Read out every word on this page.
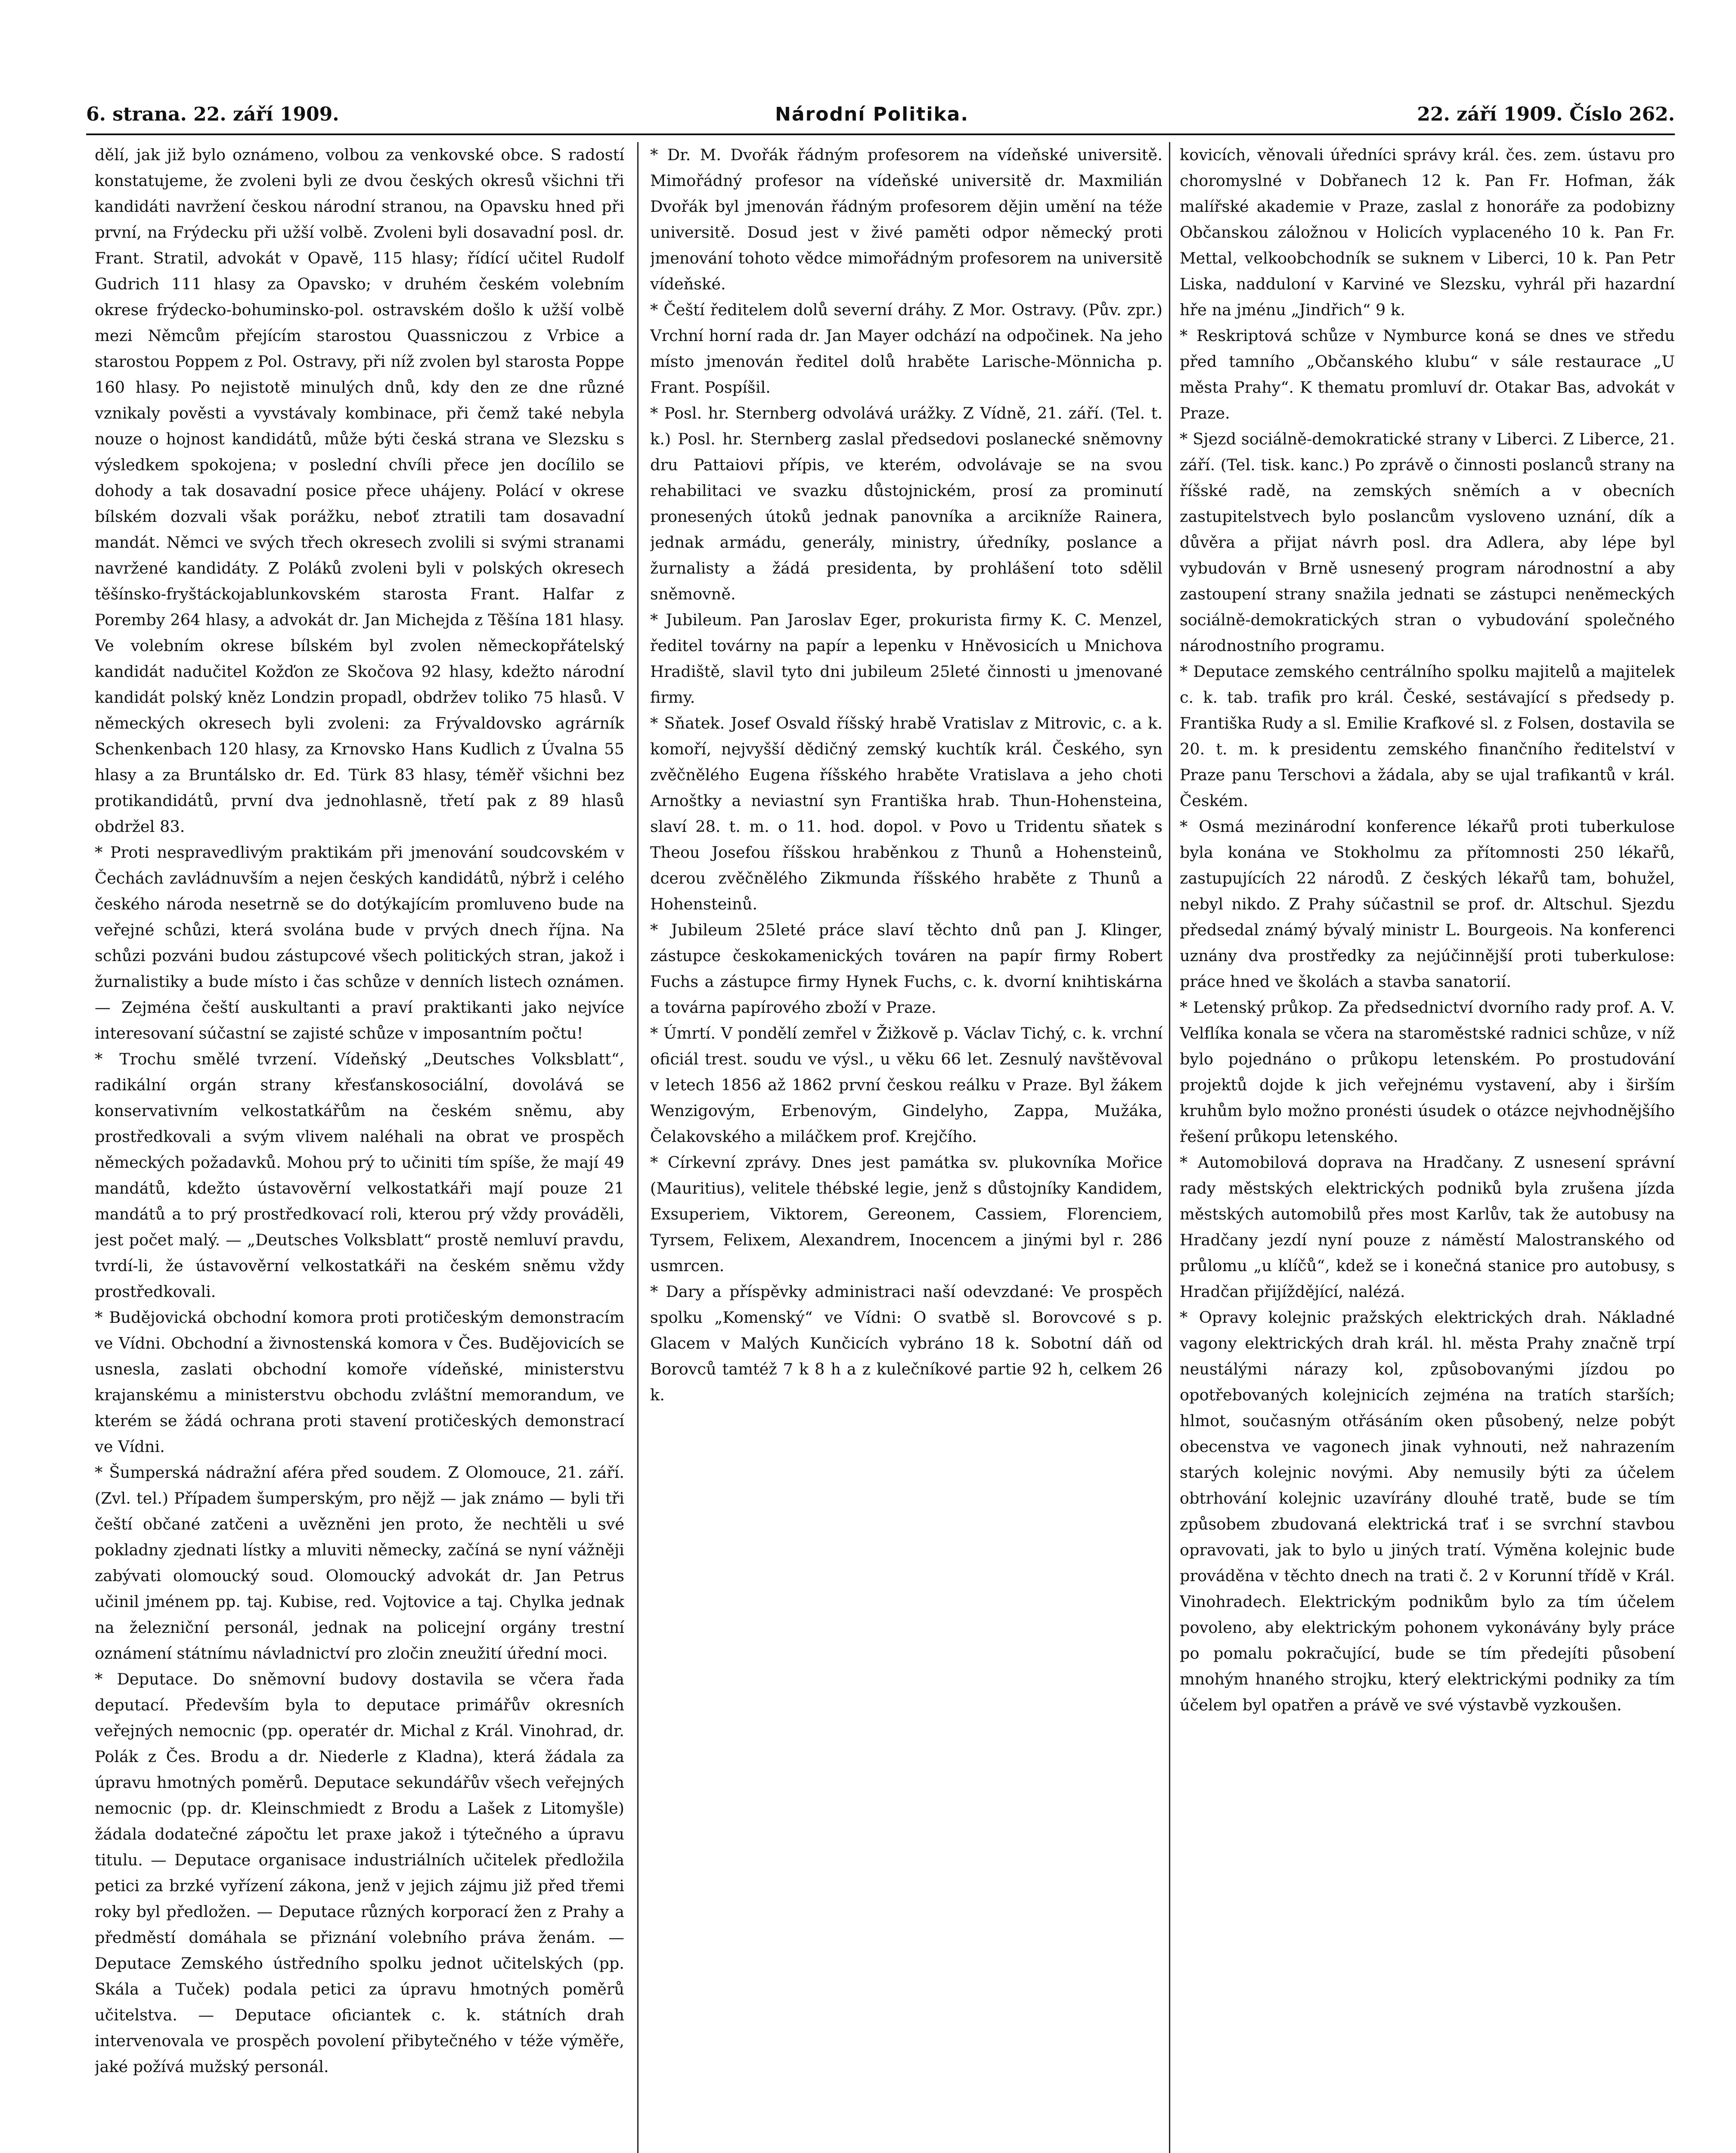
6. strana. 22. září 1909.	Národní Politika.	22. září 1909. Číslo 262.

dělí, jak již bylo oznámeno, volbou za venkovské obce. S radostí konstatujeme, že zvoleni byli ze dvou českých okresů všichni tři kandidáti navržení českou národní stranou, na Opavsku hned při první, na Frýdecku při užší volbě. Zvoleni byli dosavadní posl. dr. Frant. Stratil, advokát v Opavě, 115 hlasy; řídící učitel Rudolf Gudrich 111 hlasy za Opavsko; v druhém českém volebním okrese frýdecko-bohuminsko-pol. ostravském došlo k užší volbě mezi Němcům přejícím starostou Quassniczou z Vrbice a starostou Poppem z Pol. Ostravy, při níž zvolen byl starosta Poppe 160 hlasy. Po nejistotě minulých dnů, kdy den ze dne různé vznikaly pověsti a vyvstávaly kombinace, při čemž také nebyla nouze o hojnost kandidátů, může býti česká strana ve Slezsku s výsledkem spokojena; v poslední chvíli přece jen docílilo se dohody a tak dosavadní posice přece uhájeny. Polácí v okrese bílském dozvali však porážku, neboť ztratili tam dosavadní mandát. Němci ve svých třech okresech zvolili si svými stranami navržené kandidáty. Z Poláků zvoleni byli v polských okresech těšínsko-fryštáckojablunkovském starosta Frant. Halfar z Poremby 264 hlasy, a advokát dr. Jan Michejda z Těšína 181 hlasy. Ve volebním okrese bílském byl zvolen německopřátelský kandidát nadučitel Kožďon ze Skočova 92 hlasy, kdežto národní kandidát polský kněz Londzin propadl, obdržev toliko 75 hlasů. V německých okresech byli zvoleni: za Frývaldovsko agrárník Schenkenbach 120 hlasy, za Krnovsko Hans Kudlich z Úvalna 55 hlasy a za Bruntálsko dr. Ed. Türk 83 hlasy, téměř všichni bez protikandidátů, první dva jednohlasně, třetí pak z 89 hlasů obdržel 83.

* Proti nespravedlivým praktikám při jmenování soudcovském v Čechách zavládnuvším a nejen českých kandidátů, nýbrž i celého českého národa nesetrně se do dotýkajícím promluveno bude na veřejné schůzi, která svolána bude v prvých dnech října. Na schůzi pozváni budou zástupcové všech politických stran, jakož i žurnalistiky a bude místo i čas schůze v denních listech oznámen. — Zejména čeští auskultanti a praví praktikanti jako nejvíce interesovaní súčastní se zajisté schůze v imposantním počtu!

* Trochu smělé tvrzení. Vídeňský „Deutsches Volksblatt“, radikální orgán strany křesťanskosociální, dovolává se konservativním velkostatkářům na českém sněmu, aby prostředkovali a svým vlivem naléhali na obrat ve prospěch německých požadavků. Mohou prý to učiniti tím spíše, že mají 49 mandátů, kdežto ústavověrní velkostatkáři mají pouze 21 mandátů a to prý prostředkovací roli, kterou prý vždy prováděli, jest počet malý. — „Deutsches Volksblatt“ prostě nemluví pravdu, tvrdí-li, že ústavověrní velkostatkáři na českém sněmu vždy prostředkovali.

* Budějovická obchodní komora proti protičeským demonstracím ve Vídni. Obchodní a živnostenská komora v Čes. Budějovicích se usnesla, zaslati obchodní komoře vídeňské, ministerstvu krajanskému a ministerstvu obchodu zvláštní memorandum, ve kterém se žádá ochrana proti stavení protičeských demonstrací ve Vídni.

* Šumperská nádražní aféra před soudem. Z Olomouce, 21. září. (Zvl. tel.) Případem šumperským, pro nějž — jak známo — byli tři čeští občané zatčeni a uvězněni jen proto, že nechtěli u své pokladny zjednati lístky a mluviti německy, začíná se nyní vážněji zabývati olomoucký soud. Olomoucký advokát dr. Jan Petrus učinil jménem pp. taj. Kubise, red. Vojtovice a taj. Chylka jednak na železniční personál, jednak na policejní orgány trestní oznámení státnímu návladnictví pro zločin zneužití úřední moci.

* Deputace. Do sněmovní budovy dostavila se včera řada deputací. Především byla to deputace primářův okresních veřejných nemocnic (pp. operatér dr. Michal z Král. Vinohrad, dr. Polák z Čes. Brodu a dr. Niederle z Kladna), která žádala za úpravu hmotných poměrů. Deputace sekundářův všech veřejných nemocnic (pp. dr. Kleinschmiedt z Brodu a Lašek z Litomyšle) žádala dodatečné zápočtu let praxe jakož i týtečného a úpravu titulu. — Deputace organisace industriálních učitelek předložila petici za brzké vyřízení zákona, jenž v jejich zájmu již před třemi roky byl předložen. — Deputace různých korporací žen z Prahy a předměstí domáhala se přiznání volebního práva ženám. — Deputace Zemského ústředního spolku jednot učitelských (pp. Skála a Tuček) podala petici za úpravu hmotných poměrů učitelstva. — Deputace oficiantek c. k. státních drah intervenovala ve prospěch povolení přibytečného v téže výměře, jaké požívá mužský personál.

* Dr. M. Dvořák řádným profesorem na vídeňské universitě. Mimořádný profesor na vídeňské universitě dr. Maxmilián Dvořák byl jmenován řádným profesorem dějin umění na téže universitě. Dosud jest v živé paměti odpor německý proti jmenování tohoto vědce mimořádným profesorem na universitě vídeňské.

* Čeští ředitelem dolů severní dráhy. Z Mor. Ostravy. (Pův. zpr.) Vrchní horní rada dr. Jan Mayer odchází na odpočinek. Na jeho místo jmenován ředitel dolů hraběte Larische-Mönnicha p. Frant. Pospíšil.

* Posl. hr. Sternberg odvolává urážky. Z Vídně, 21. září. (Tel. t. k.) Posl. hr. Sternberg zaslal předsedovi poslanecké sněmovny dru Pattaiovi přípis, ve kterém, odvolávaje se na svou rehabilitaci ve svazku důstojnickém, prosí za prominutí pronesených útoků jednak panovníka a arcikníže Rainera, jednak armádu, generály, ministry, úředníky, poslance a žurnalisty a žádá presidenta, by prohlášení toto sdělil sněmovně.

* Jubileum. Pan Jaroslav Eger, prokurista firmy K. C. Menzel, ředitel továrny na papír a lepenku v Hněvosicích u Mnichova Hradiště, slavil tyto dni jubileum 25leté činnosti u jmenované firmy.

* Sňatek. Josef Osvald říšský hrabě Vratislav z Mitrovic, c. a k. komoří, nejvyšší dědičný zemský kuchtík král. Českého, syn zvěčnělého Eugena říšského hraběte Vratislava a jeho choti Arnoštky a neviastní syn Františka hrab. Thun-Hohensteina, slaví 28. t. m. o 11. hod. dopol. v Povo u Tridentu sňatek s Theou Josefou říšskou hraběnkou z Thunů a Hohensteinů, dcerou zvěčnělého Zikmunda říšského hraběte z Thunů a Hohensteinů.

* Jubileum 25leté práce slaví těchto dnů pan J. Klinger, zástupce českokamenických továren na papír firmy Robert Fuchs a zástupce firmy Hynek Fuchs, c. k. dvorní knihtiskárna a továrna papírového zboží v Praze.

* Úmrtí. V pondělí zemřel v Žižkově p. Václav Tichý, c. k. vrchní oficiál trest. soudu ve výsl., u věku 66 let. Zesnulý navštěvoval v letech 1856 až 1862 první českou reálku v Praze. Byl žákem Wenzigovým, Erbenovým, Gindelyho, Zappa, Mužáka, Čelakovského a miláčkem prof. Krejčího.

* Církevní zprávy. Dnes jest památka sv. plukovníka Mořice (Mauritius), velitele thébské legie, jenž s důstojníky Kandidem, Exsuperiem, Viktorem, Gereonem, Cassiem, Florenciem, Tyrsem, Felixem, Alexandrem, Inocencem a jinými byl r. 286 usmrcen.

* Dary a příspěvky administraci naší odevzdané: Ve prospěch spolku „Komenský“ ve Vídni: O svatbě sl. Borovcové s p. Glacem v Malých Kunčicích vybráno 18 k. Sobotní dáň od Borovců tamtéž 7 k 8 h a z kulečníkové partie 92 h, celkem 26 k.

kovicích, věnovali úředníci správy král. čes. zem. ústavu pro choromyslné v Dobřanech 12 k. Pan Fr. Hofman, žák malířské akademie v Praze, zaslal z honoráře za podobizny Občanskou záložnou v Holicích vyplaceného 10 k. Pan Fr. Mettal, velkoobchodník se suknem v Liberci, 10 k. Pan Petr Liska, nadduloní v Karviné ve Slezsku, vyhrál při hazardní hře na jménu „Jindřich“ 9 k.

* Reskriptová schůze v Nymburce koná se dnes ve středu před tamního „Občanského klubu“ v sále restaurace „U města Prahy“. K thematu promluví dr. Otakar Bas, advokát v Praze.

* Sjezd sociálně-demokratické strany v Liberci. Z Liberce, 21. září. (Tel. tisk. kanc.) Po zprávě o činnosti poslanců strany na říšské radě, na zemských sněmích a v obecních zastupitelstvech bylo poslancům vysloveno uznání, dík a důvěra a přijat návrh posl. dra Adlera, aby lépe byl vybudován v Brně usnesený program národnostní a aby zastoupení strany snažila jednati se zástupci neněmeckých sociálně-demokratických stran o vybudování společného národnostního programu.

* Deputace zemského centrálního spolku majitelů a majitelek c. k. tab. trafik pro král. České, sestávající s předsedy p. Františka Rudy a sl. Emilie Krafkové sl. z Folsen, dostavila se 20. t. m. k presidentu zemského finančního ředitelství v Praze panu Terschovi a žádala, aby se ujal trafikantů v král. Českém.

* Osmá mezinárodní konference lékařů proti tuberkulose byla konána ve Stokholmu za přítomnosti 250 lékařů, zastupujících 22 národů. Z českých lékařů tam, bohužel, nebyl nikdo. Z Prahy súčastnil se prof. dr. Altschul. Sjezdu předsedal známý bývalý ministr L. Bourgeois. Na konferenci uznány dva prostředky za nejúčinnější proti tuberkulose: práce hned ve školách a stavba sanatorií.

* Letenský průkop. Za předsednictví dvorního rady prof. A. V. Velflíka konala se včera na staroměstské radnici schůze, v níž bylo pojednáno o průkopu letenském. Po prostudování projektů dojde k jich veřejnému vystavení, aby i širším kruhům bylo možno pronésti úsudek o otázce nejvhodnějšího řešení průkopu letenského.

* Automobilová doprava na Hradčany. Z usnesení správní rady městských elektrických podniků byla zrušena jízda městských automobilů přes most Karlův, tak že autobusy na Hradčany jezdí nyní pouze z náměstí Malostranského od průlomu „u klíčů“, kdež se i konečná stanice pro autobusy, s Hradčan přijíždějící, nalézá.

* Opravy kolejnic pražských elektrických drah. Nákladné vagony elektrických drah král. hl. města Prahy značně trpí neustálými nárazy kol, způsobovanými jízdou po opotřebovaných kolejnicích zejména na tratích starších; hlmot, současným otřásáním oken působený, nelze pobýt obecenstva ve vagonech jinak vyhnouti, než nahrazením starých kolejnic novými. Aby nemusily býti za účelem obtrhování kolejnic uzavírány dlouhé tratě, bude se tím způsobem zbudovaná elektrická trať i se svrchní stavbou opravovati, jak to bylo u jiných tratí. Výměna kolejnic bude prováděna v těchto dnech na trati č. 2 v Korunní třídě v Král. Vinohradech. Elektrickým podnikům bylo za tím účelem povoleno, aby elektrickým pohonem vykonávány byly práce po pomalu pokračující, bude se tím předejíti působení mnohým hnaného strojku, který elektrickými podniky za tím účelem byl opatřen a právě ve své výstavbě vyzkoušen.
